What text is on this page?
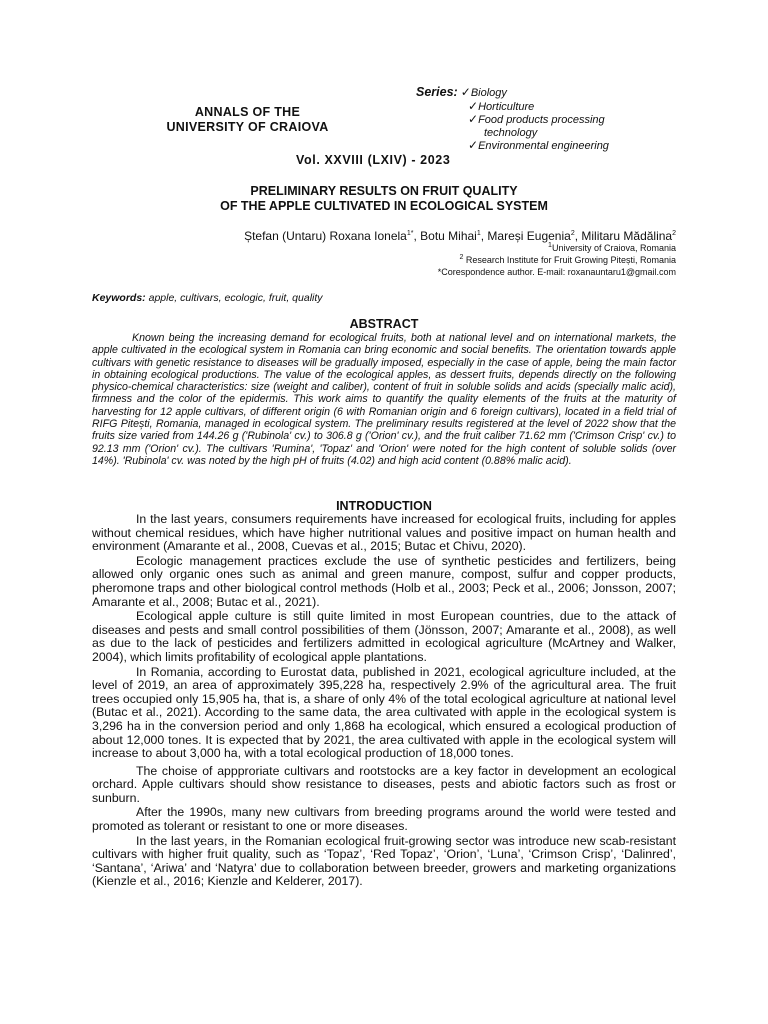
ANNALS OF THE
UNIVERSITY OF CRAIOVA
Series: ✓Biology
✓Horticulture
✓Food products processing
technology
✓Environmental engineering
Vol. XXVIII (LXIV) - 2023
PRELIMINARY RESULTS ON FRUIT QUALITY
OF THE APPLE CULTIVATED IN ECOLOGICAL SYSTEM
Ștefan (Untaru) Roxana Ionela$^{1*}$, Botu Mihai$^1$, Mareși Eugenia$^2$, Militaru Mădălina$^2$
$^1$University of Craiova, Romania
$^2$ Research Institute for Fruit Growing Pitești, Romania
*Corespondence author. E-mail: roxanauntaru1@gmail.com
Keywords: apple, cultivars, ecologic, fruit, quality
ABSTRACT

Known being the increasing demand for ecological fruits, both at national level and on international markets, the apple cultivated in the ecological system in Romania can bring economic and social benefits. The orientation towards apple cultivars with genetic resistance to diseases will be gradually imposed, especially in the case of apple, being the main factor in obtaining ecological productions. The value of the ecological apples, as dessert fruits, depends directly on the following physico-chemical characteristics: size (weight and caliber), content of fruit in soluble solids and acids (specially malic acid), firmness and the color of the epidermis. This work aims to quantify the quality elements of the fruits at the maturity of harvesting for 12 apple cultivars, of different origin (6 with Romanian origin and 6 foreign cultivars), located in a field trial of RIFG Pitești, Romania, managed in ecological system. The preliminary results registered at the level of 2022 show that the fruits size varied from 144.26 g ('Rubinola' cv.) to 306.8 g ('Orion' cv.), and the fruit caliber 71.62 mm ('Crimson Crisp' cv.) to 92.13 mm ('Orion' cv.). The cultivars 'Rumina', 'Topaz' and 'Orion' were noted for the high content of soluble solids (over 14%). 'Rubinola' cv. was noted by the high pH of fruits (4.02) and high acid content (0.88% malic acid).

INTRODUCTION

In the last years, consumers requirements have increased for ecological fruits, including for apples without chemical residues, which have higher nutritional values and positive impact on human health and environment (Amarante et al., 2008, Cuevas et al., 2015; Butac et Chivu, 2020).

Ecologic management practices exclude the use of synthetic pesticides and fertilizers, being allowed only organic ones such as animal and green manure, compost, sulfur and copper products, pheromone traps and other biological control methods (Holb et al., 2003; Peck et al., 2006; Jonsson, 2007; Amarante et al., 2008; Butac et al., 2021).

Ecological apple culture is still quite limited in most European countries, due to the attack of diseases and pests and small control possibilities of them (Jönsson, 2007; Amarante et al., 2008), as well as due to the lack of pesticides and fertilizers admitted in ecological agriculture (McArtney and Walker, 2004), which limits profitability of ecological apple plantations.

In Romania, according to Eurostat data, published in 2021, ecological agriculture included, at the level of 2019, an area of approximately 395,228 ha, respectively 2.9% of the agricultural area. The fruit trees occupied only 15,905 ha, that is, a share of only 4% of the total ecological agriculture at national level (Butac et al., 2021). According to the same data, the area cultivated with apple in the ecological system is 3,296 ha in the conversion period and only 1,868 ha ecological, which ensured a ecological production of about 12,000 tones. It is expected that by 2021, the area cultivated with apple in the ecological system will increase to about 3,000 ha, with a total ecological production of 18,000 tones.

The choise of appproriate cultivars and rootstocks are a key factor in development an ecological orchard. Apple cultivars should show resistance to diseases, pests and abiotic factors such as frost or sunburn.

After the 1990s, many new cultivars from breeding programs around the world were tested and promoted as tolerant or resistant to one or more diseases.

In the last years, in the Romanian ecological fruit-growing sector was introduce new scab-resistant cultivars with higher fruit quality, such as ‘Topaz’, ‘Red Topaz’, ‘Orion’, ‘Luna’, ‘Crimson Crisp’, ‘Dalinred’, ‘Santana’, ‘Ariwa’ and ‘Natyra’ due to collaboration between breeder, growers and marketing organizations (Kienzle et al., 2016; Kienzle and Kelderer, 2017).
